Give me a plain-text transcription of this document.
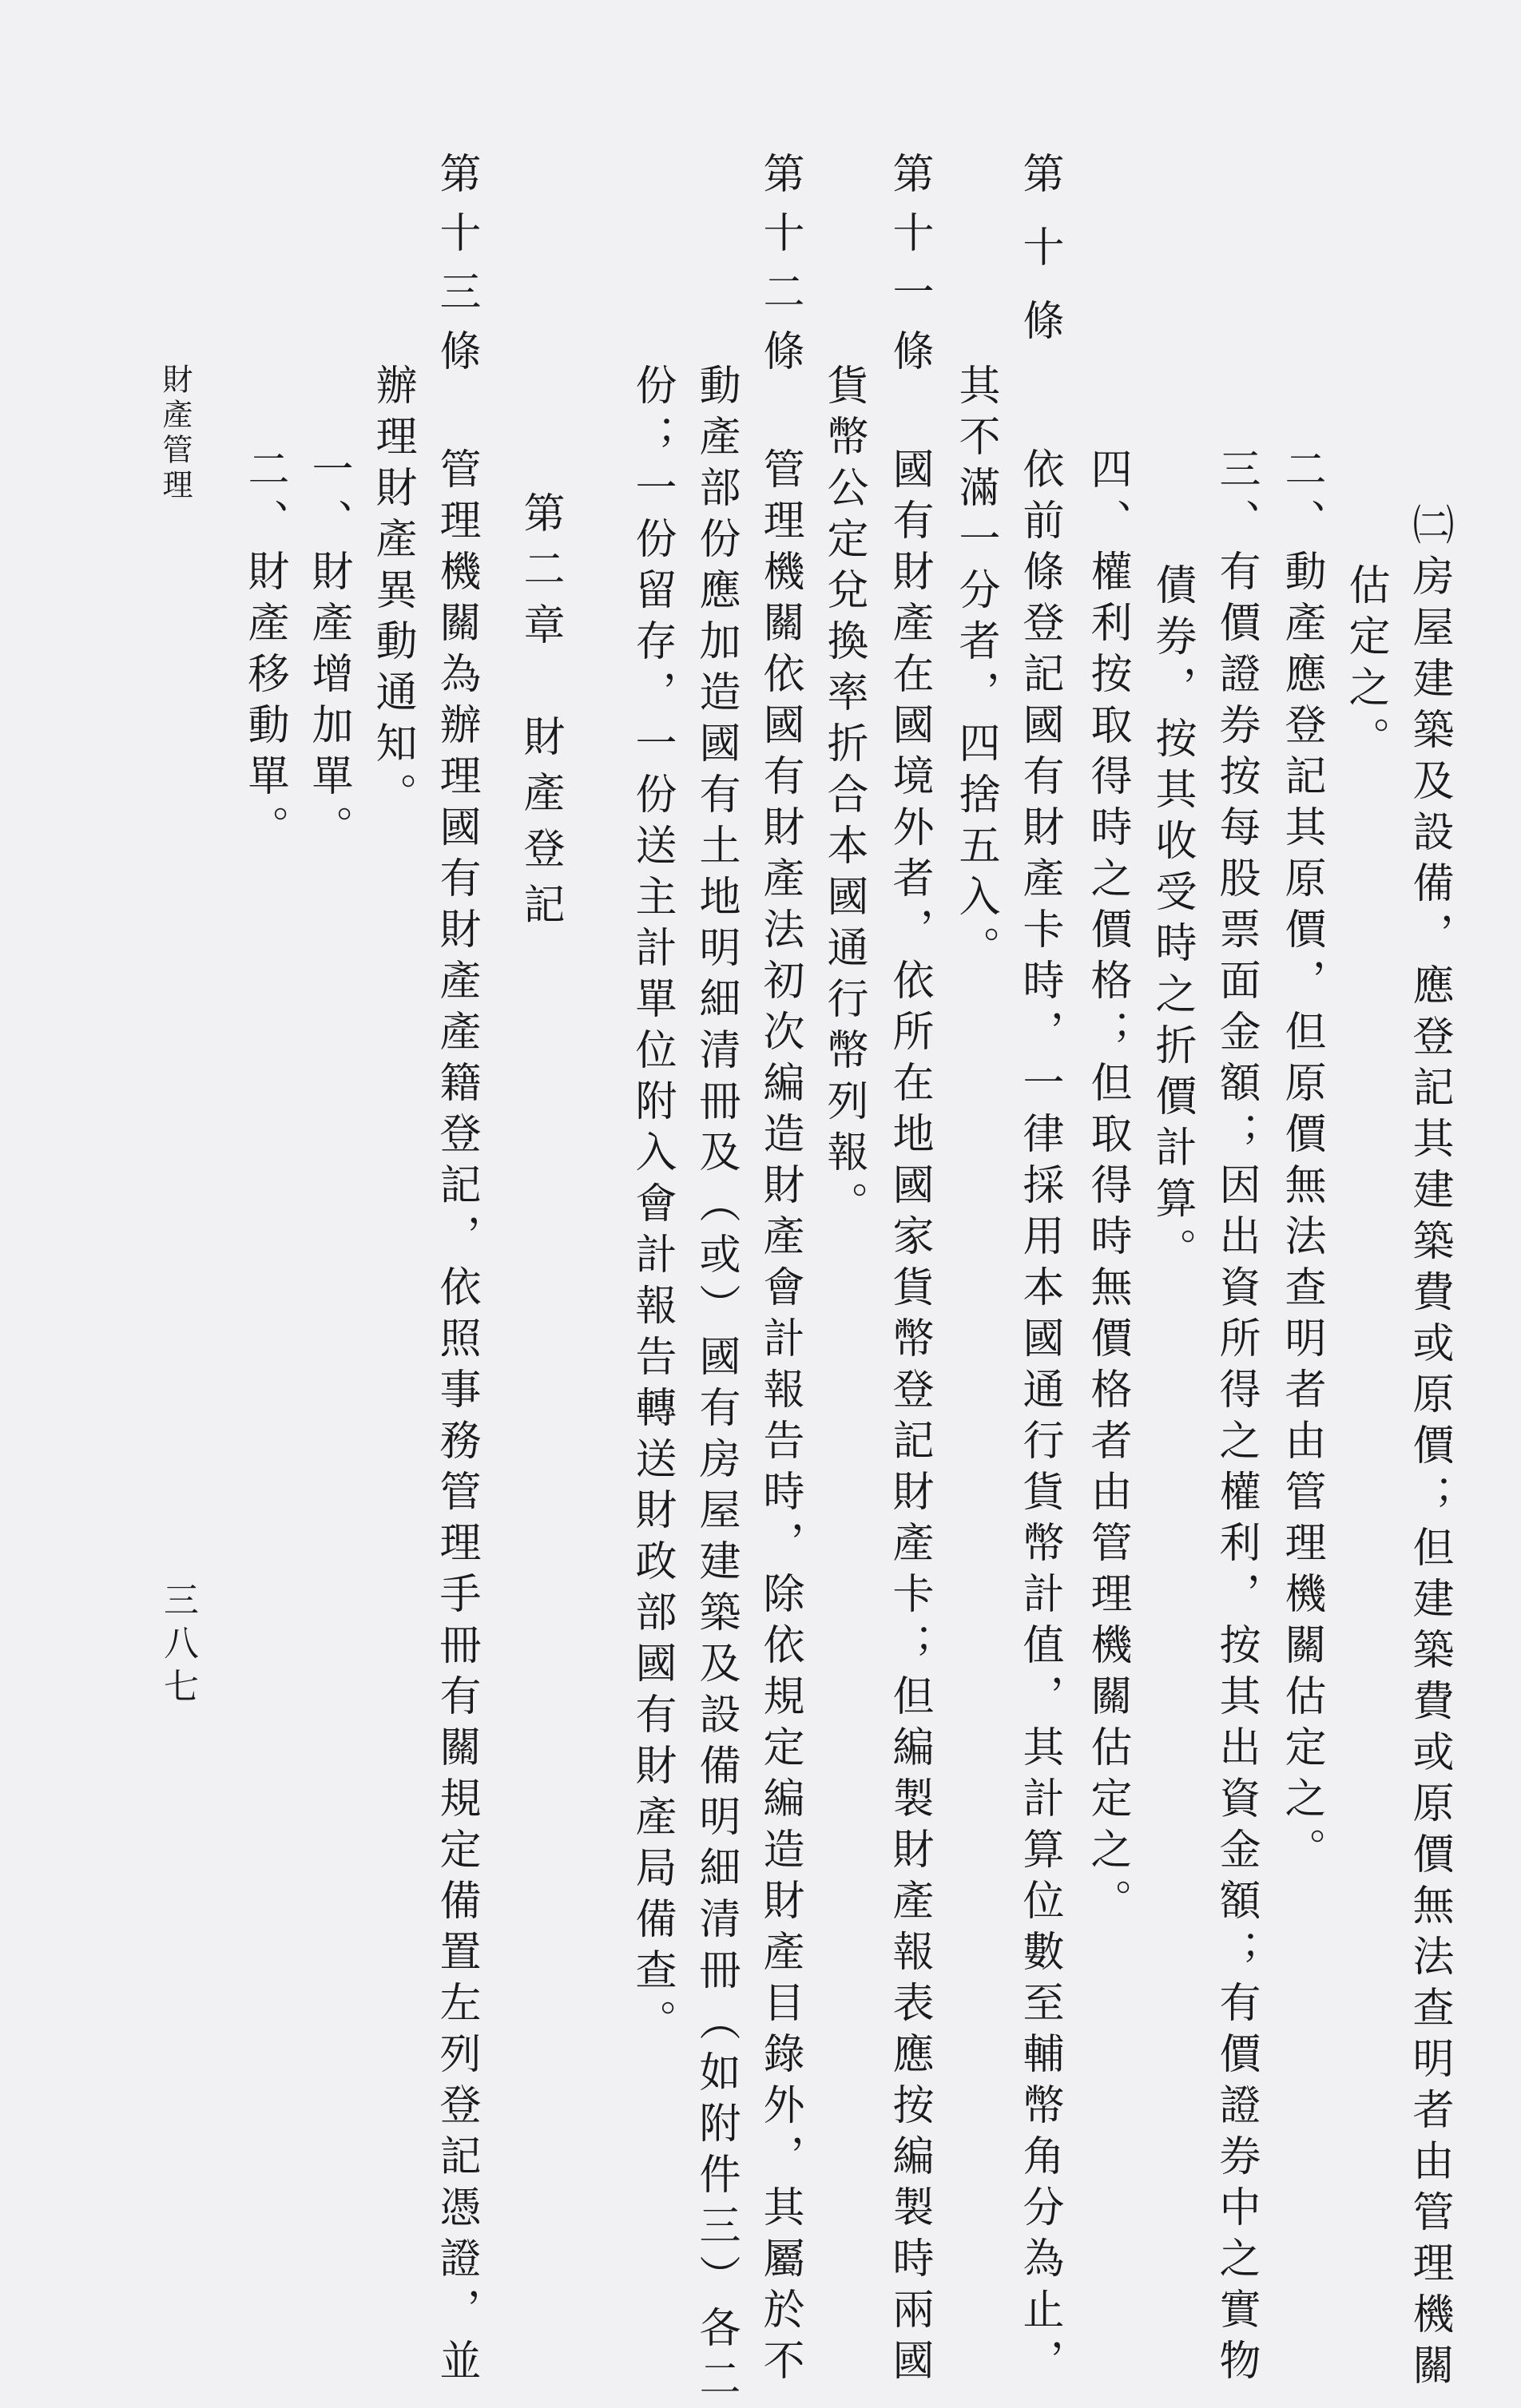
㈡房屋建築及設備，應登記其建築費或原價；但建築費或原價無法查明者由管理機關
估定之。
二、動產應登記其原價，但原價無法查明者由管理機關估定之。
三、有價證券按每股票面金額；因出資所得之權利，按其出資金額；有價證券中之實物
債券，按其收受時之折價計算。
四、權利按取得時之價格；但取得時無價格者由管理機關估定之。
第十條
依前條登記國有財產卡時，一律採用本國通行貨幣計值，其計算位數至輔幣角分為止，
其不滿一分者，四捨五入。
第十一條
國有財產在國境外者，依所在地國家貨幣登記財產卡；但編製財產報表應按編製時兩國
貨幣公定兌換率折合本國通行幣列報。
第十二條
管理機關依國有財產法初次編造財產會計報告時，除依規定編造財產目錄外，其屬於不
動產部份應加造國有土地明細清冊及（或）國有房屋建築及設備明細清冊（如附件三）各二
份；一份留存，一份送主計單位附入會計報告轉送財政部國有財產局備查。
第二章　財產登記
第十三條
管理機關為辦理國有財產產籍登記，依照事務管理手冊有關規定備置左列登記憑證，並
辦理財產異動通知。
一、財產增加單。
二、財產移動單。
財產管理
三八七
